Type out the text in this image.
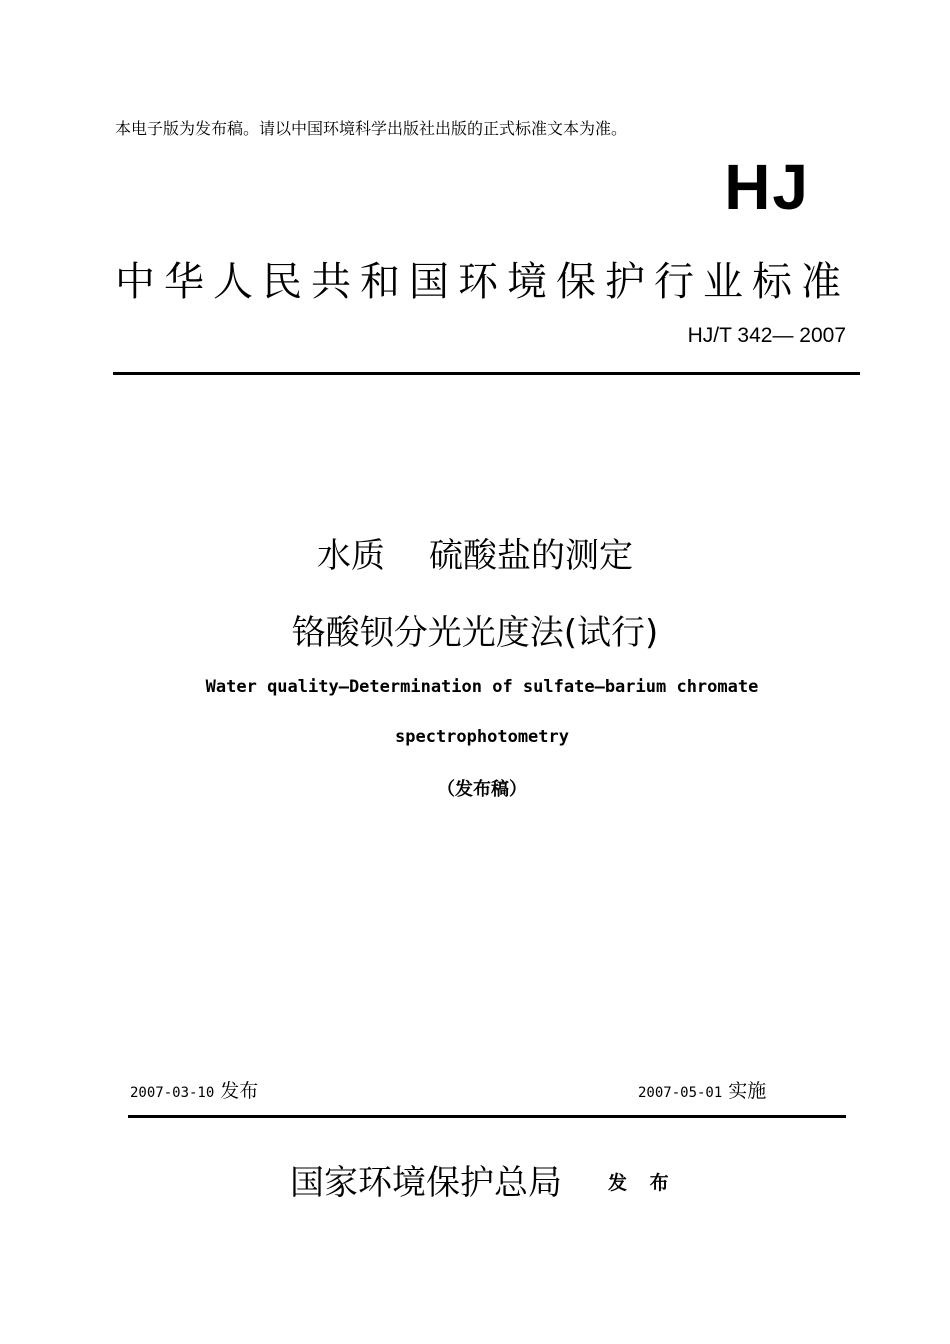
本电子版为发布稿。请以中国环境科学出版社出版的正式标准文本为准。
HJ
中华人民共和国环境保护行业标准
HJ/T 342— 2007
水质 硫酸盐的测定
铬酸钡分光光度法(试行)
Water quality—Determination of sulfate—barium chromate
spectrophotometry
（发布稿）
2007-03-10 发布	2007-05-01 实施
国家环境保护总局 发 布
